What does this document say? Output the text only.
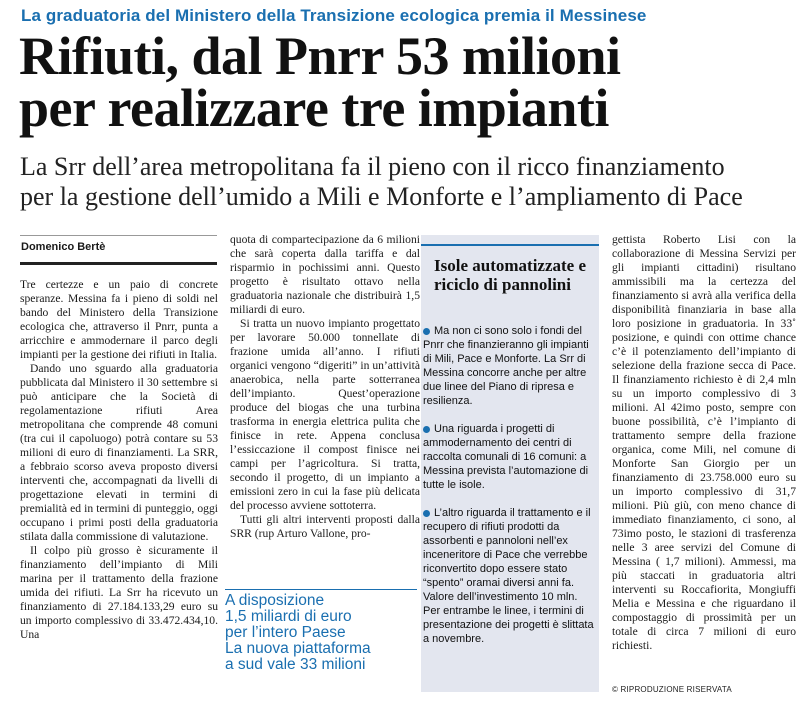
La graduatoria del Ministero della Transizione ecologica premia il Messinese
Rifiuti, dal Pnrr 53 milioni
per realizzare tre impianti
La Srr dell’area metropolitana fa il pieno con il ricco finanziamento
per la gestione dell’umido a Mili e Monforte e l’ampliamento di Pace
Domenico Bertè

Tre certezze e un paio di concrete speranze. Messina fa i pieno di soldi nel bando del Ministero della Transizione ecologica che, attraverso il Pnrr, punta a arricchire e ammodernare il parco degli impianti per la gestione dei rifiuti in Italia.

Dando uno sguardo alla graduatoria pubblicata dal Ministero il 30 settembre si può anticipare che la Società di regolamentazione rifiuti Area metropolitana che comprende 48 comuni (tra cui il capoluogo) potrà contare su 53 milioni di euro di finanziamenti. La SRR, a febbraio scorso aveva proposto diversi interventi che, accompagnati da livelli di progettazione elevati in termini di premialità ed in termini di punteggio, oggi occupano i primi posti della graduatoria stilata dalla commissione di valutazione.

Il colpo più grosso è sicuramente il finanziamento dell’impianto di Mili marina per il trattamento della frazione umida dei rifiuti. La Srr ha ricevuto un finanziamento di 27.184.133,29 euro su un importo complessivo di 33.472.434,10. Una

quota di compartecipazione da 6 milioni che sarà coperta dalla tariffa e dal risparmio in pochissimi anni. Questo progetto è risultato ottavo nella graduatoria nazionale che distribuirà 1,5 miliardi di euro.

Si tratta un nuovo impianto progettato per lavorare 50.000 tonnellate di frazione umida all’anno. I rifiuti organici vengono “digeriti” in un’attività anaerobica, nella parte sotterranea dell’impianto. Quest’operazione produce del biogas che una turbina trasforma in energia elettrica pulita che finisce in rete. Appena conclusa l’essiccazione il compost finisce nei campi per l’agricoltura. Si tratta, secondo il progetto, di un impianto a emissioni zero in cui la fase più delicata del processo avviene sottoterra.

Tutti gli altri interventi proposti dalla SRR (rup Arturo Vallone, pro-

A disposizione
1,5 miliardi di euro
per l’intero Paese
La nuova piattaforma
a sud vale 33 milioni
Isole automatizzate e riciclo di pannolini

Ma non ci sono solo i fondi del Pnrr che finanzieranno gli impianti di Mili, Pace e Monforte. La Srr di Messina concorre anche per altre due linee del Piano di ripresa e resilienza.

Una riguarda i progetti di ammodernamento dei centri di raccolta comunali di 16 comuni: a Messina prevista l’automazione di tutte le isole.

L’altro riguarda il trattamento e il recupero di rifiuti prodotti da assorbenti e pannoloni nell’ex inceneritore di Pace che verrebbe riconvertito dopo essere stato “spento” oramai diversi anni fa. Valore dell’investimento 10 mln. Per entrambe le linee, i termini di presentazione dei progetti è slittata a novembre.

gettista Roberto Lisi con la collaborazione di Messina Servizi per gli impianti cittadini) risultano ammissibili ma la certezza del finanziamento si avrà alla verifica della disponibilità finanziaria in base alla loro posizione in graduatoria. In 33˚ posizione, e quindi con ottime chance c’è il potenziamento dell’impianto di selezione della frazione secca di Pace. Il finanziamento richiesto è di 2,4 mln su un importo complessivo di 3 milioni. Al 42imo posto, sempre con buone possibilità, c’è l’impianto di trattamento sempre della frazione organica, come Mili, nel comune di Monforte San Giorgio per un finanziamento di 23.758.000 euro su un importo complessivo di 31,7 milioni. Più giù, con meno chance di immediato finanziamento, ci sono, al 73imo posto, le stazioni di trasferenza nelle 3 aree servizi del Comune di Messina ( 1,7 milioni). Ammessi, ma più staccati in graduatoria altri interventi su Roccafiorita, Mongiuffi Melia e Messina e che riguardano il compostaggio di prossimità per un totale di circa 7 milioni di euro richiesti.

© RIPRODUZIONE RISERVATA
